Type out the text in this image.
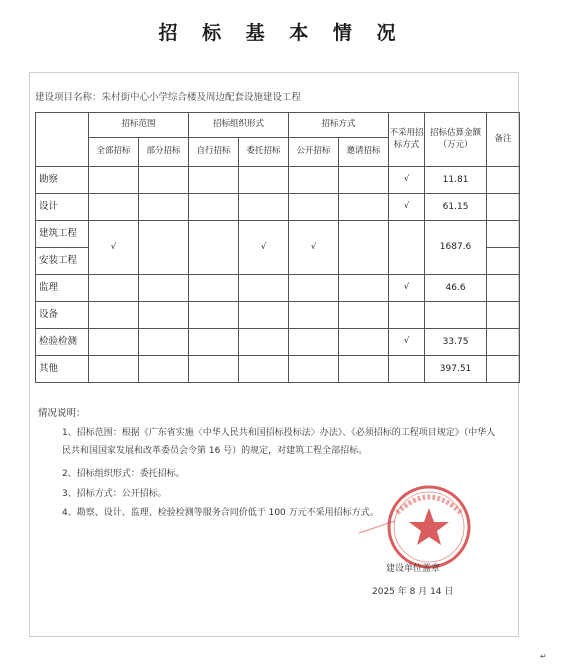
招 标 基 本 情 况
建设项目名称：朱村街中心小学综合楼及周边配套设施建设工程
	招标范围		招标组织形式		招标方式		不采用招标方式	招标估算金额（万元）	备注
	全部招标	部分招标	自行招标	委托招标	公开招标	邀请招标			
勘察							√	11.81	
设计							√	61.15	
建筑工程	√			√	√			1687.6	
安装工程									
监理							√	46.6	
设备									
检验检测							√	33.75	
其他								397.51	
情况说明：
1、招标范围：根据《广东省实施〈中华人民共和国招标投标法〉办法》、《必须招标的工程项目规定》（中华人民共和国国家发展和改革委员会令第 16 号）的规定，对建筑工程全部招标。
2、招标组织形式：委托招标。
3、招标方式：公开招标。
4、勘察、设计、监理、检验检测等服务合同价低于 100 万元不采用招标方式。
建设单位盖章
2025 年 8 月 14 日
↵
